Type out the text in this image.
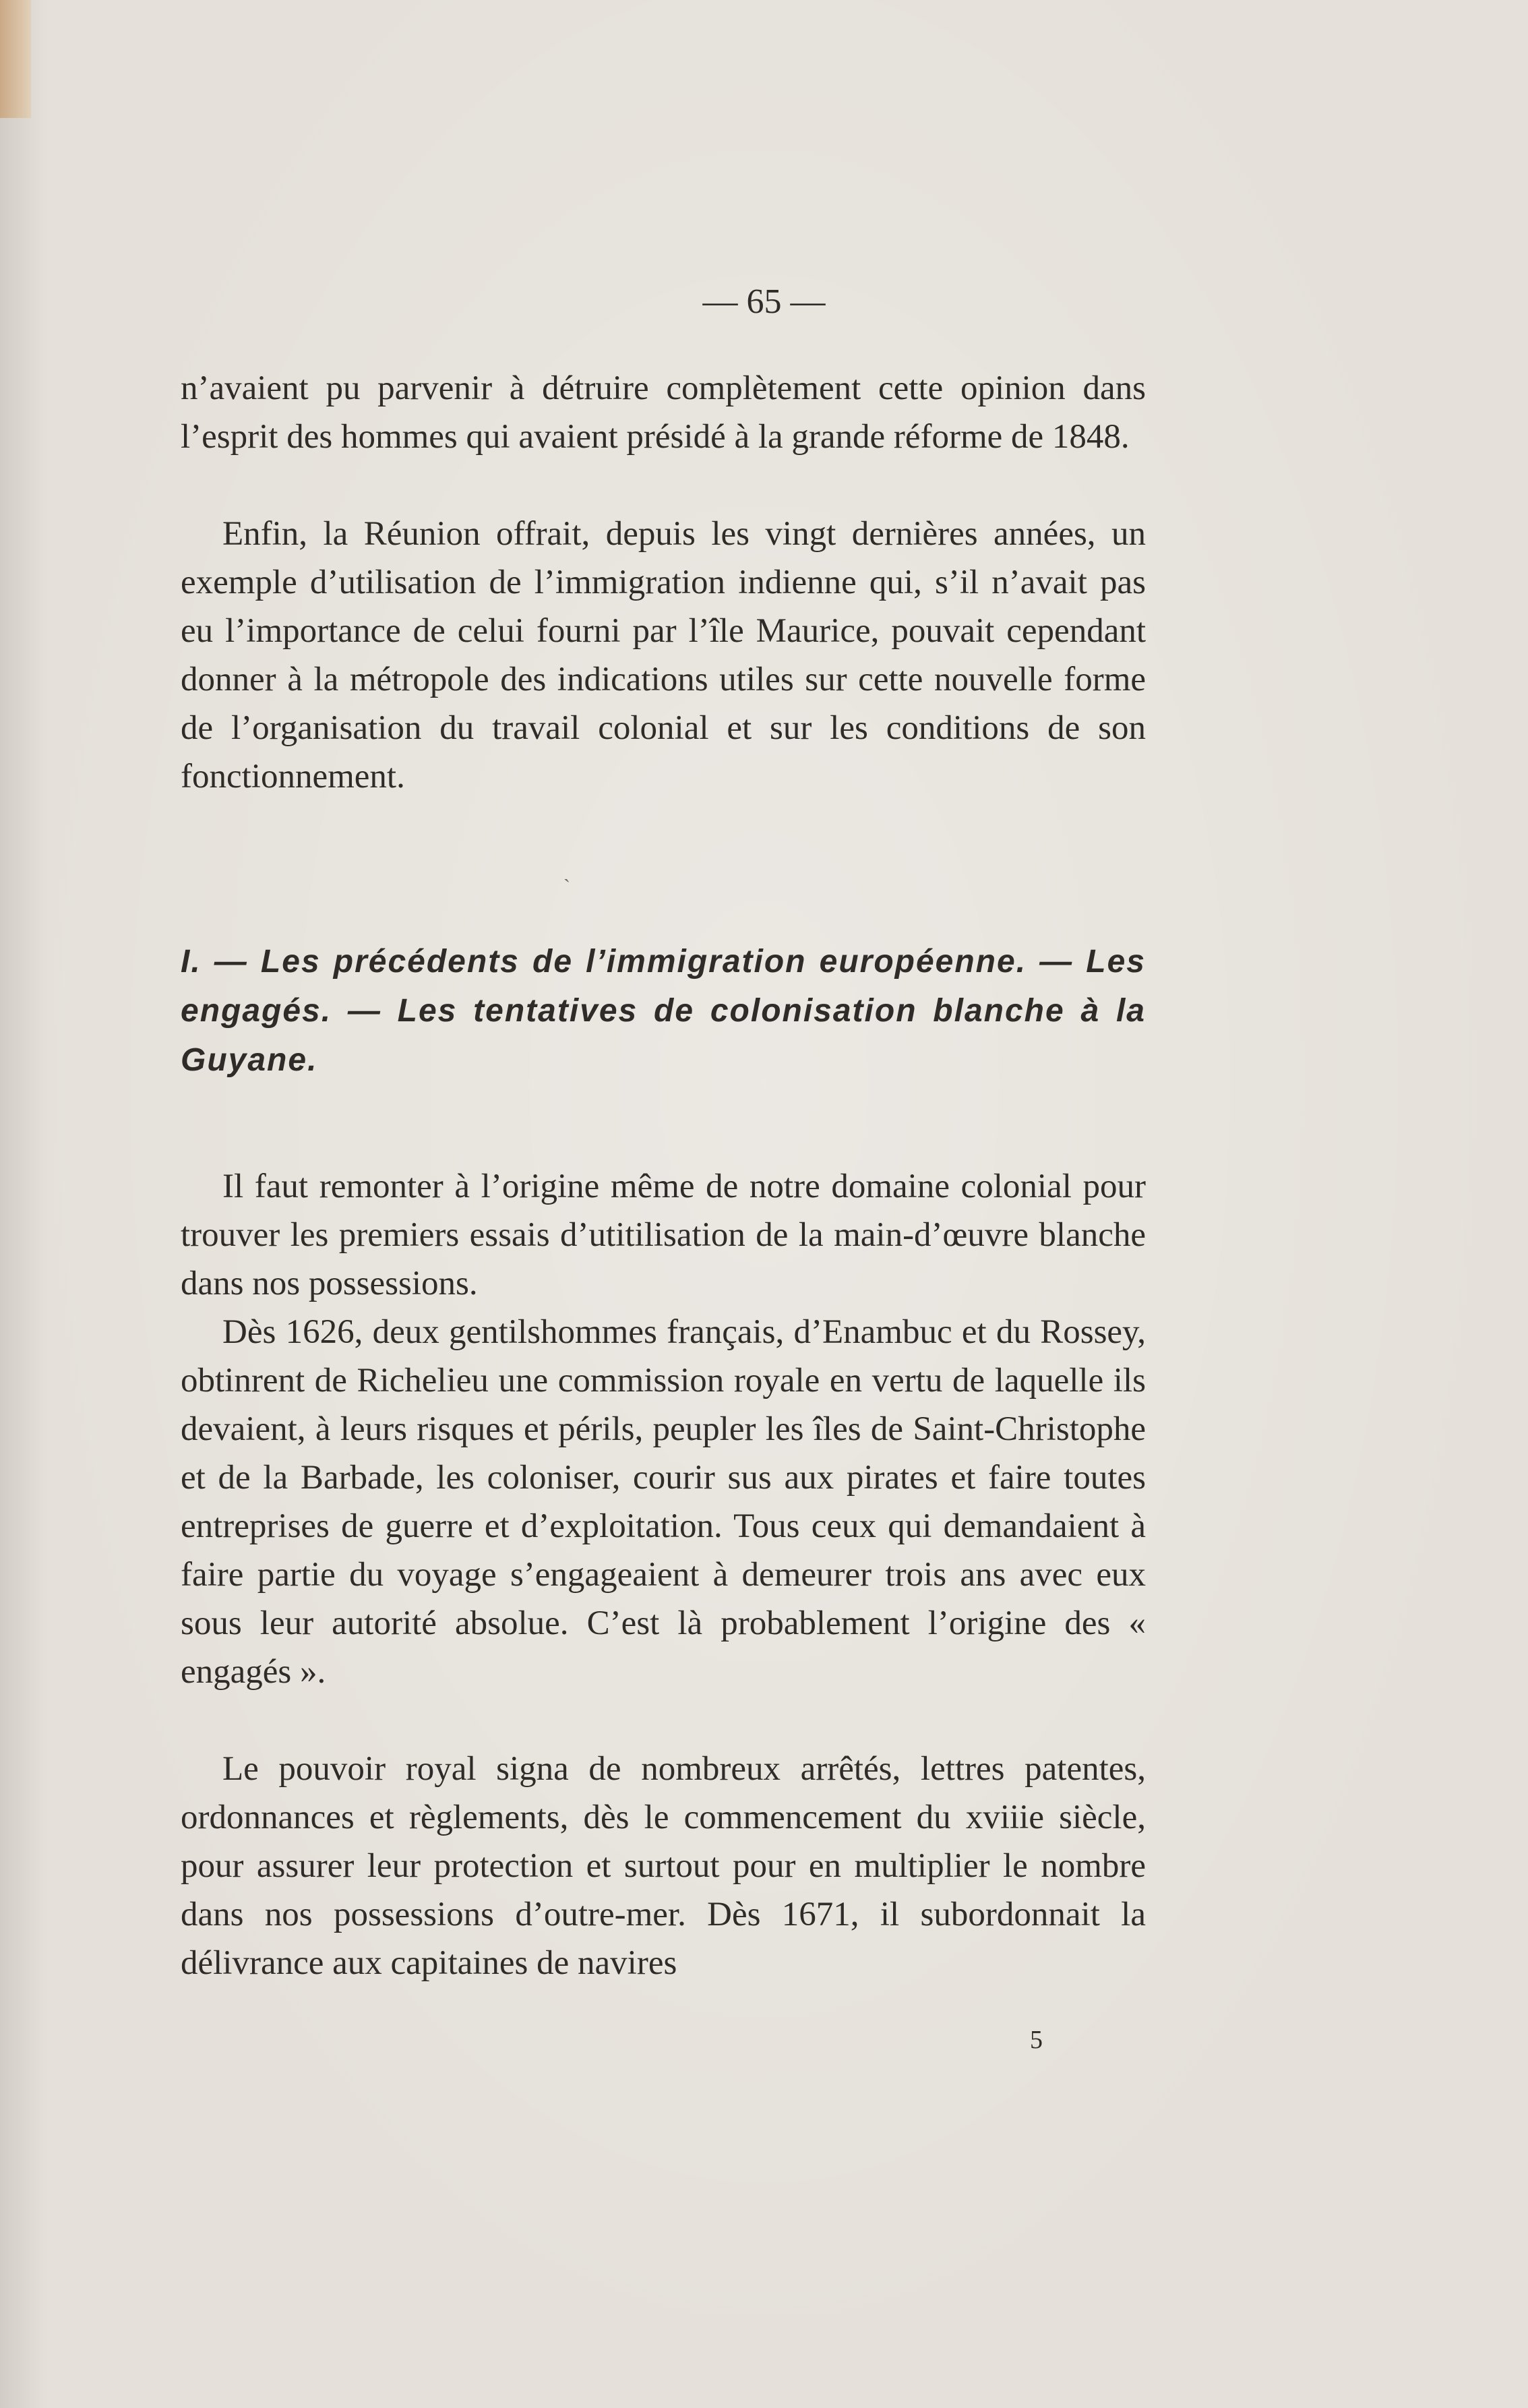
— 65 —

n’avaient pu parvenir à détruire complètement cette opinion dans l’esprit des hommes qui avaient présidé à la grande réforme de 1848.

Enfin, la Réunion offrait, depuis les vingt dernières années, un exemple d’utilisation de l’immigration indienne qui, s’il n’avait pas eu l’importance de celui fourni par l’île Maurice, pouvait cependant donner à la métropole des indications utiles sur cette nouvelle forme de l’organisation du travail colonial et sur les conditions de son fonctionnement.

ˎ

I. — Les précédents de l’immigration européenne. — Les engagés. — Les tentatives de colonisation blanche à la Guyane.

Il faut remonter à l’origine même de notre domaine colonial pour trouver les premiers essais d’utitilisation de la main-d’œuvre blanche dans nos possessions.

Dès 1626, deux gentilshommes français, d’Enambuc et du Rossey, obtinrent de Richelieu une commission royale en vertu de laquelle ils devaient, à leurs risques et périls, peupler les îles de Saint-Christophe et de la Barbade, les coloniser, courir sus aux pirates et faire toutes entreprises de guerre et d’exploitation. Tous ceux qui demandaient à faire partie du voyage s’engageaient à demeurer trois ans avec eux sous leur autorité absolue. C’est là probablement l’origine des « engagés ».

Le pouvoir royal signa de nombreux arrêtés, lettres patentes, ordonnances et règlements, dès le commencement du xviiie siècle, pour assurer leur protection et surtout pour en multiplier le nombre dans nos possessions d’outre-mer. Dès 1671, il subordonnait la délivrance aux capitaines de navires

5
